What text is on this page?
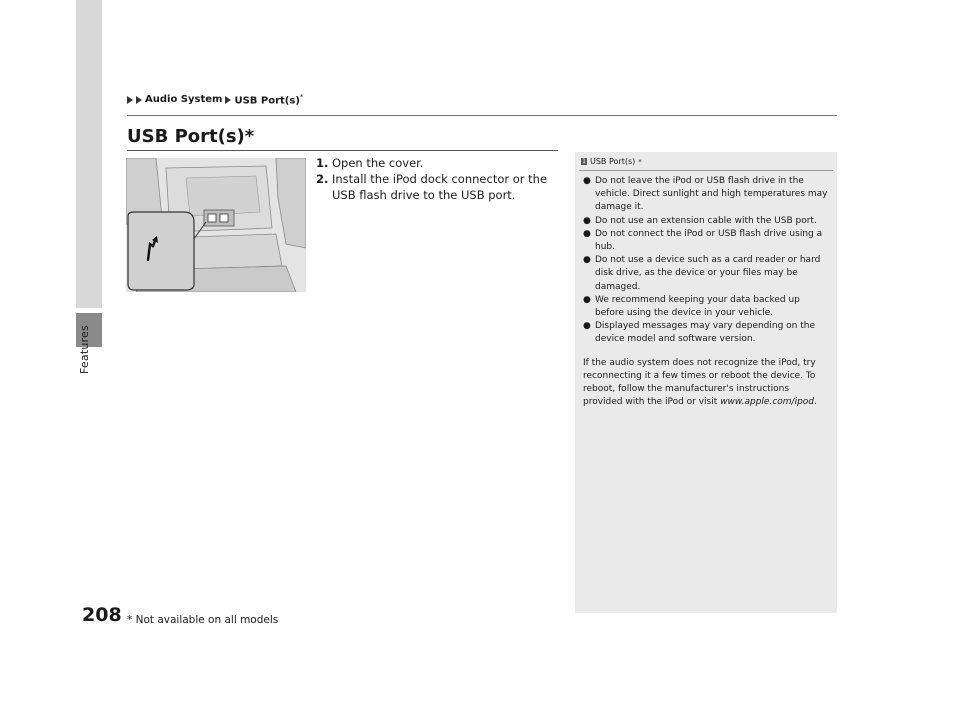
Features
Audio System USB Port(s)*
USB Port(s)*
1. Open the cover.
2. Install the iPod dock connector or the USB flash drive to the USB port.
1 USB Port(s) *
● Do not leave the iPod or USB flash drive in the vehicle. Direct sunlight and high temperatures may damage it.
● Do not use an extension cable with the USB port.
● Do not connect the iPod or USB flash drive using a hub.
● Do not use a device such as a card reader or hard disk drive, as the device or your files may be damaged.
● We recommend keeping your data backed up before using the device in your vehicle.
● Displayed messages may vary depending on the device model and software version.
If the audio system does not recognize the iPod, try reconnecting it a few times or reboot the device. To reboot, follow the manufacturer's instructions provided with the iPod or visit www.apple.com/ipod.
208 * Not available on all models
